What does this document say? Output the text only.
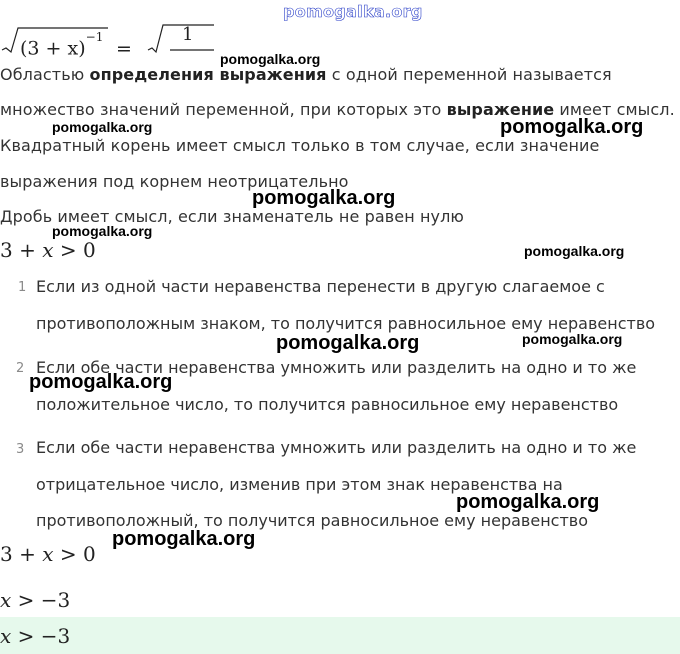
pomogalka.org
$(3 + x)^{-1}$
=
1
pomogalka.org
Областью определения выражения с одной переменной называется
множество значений переменной, при которых это выражение имеет смысл.
pomogalka.org	pomogalka.org
Квадратный корень имеет смысл только в том случае, если значение
выражения под корнем неотрицательно
pomogalka.org
Дробь имеет смысл, если знаменатель не равен нулю
pomogalka.org
3 + x > 0	pomogalka.org
1 Если из одной части неравенства перенести в другую слагаемое с
противоположным знаком, то получится равносильное ему неравенство
pomogalka.org	pomogalka.org
2 Если обе части неравенства умножить или разделить на одно и то же
pomogalka.org
положительное число, то получится равносильное ему неравенство
3 Если обе части неравенства умножить или разделить на одно и то же
отрицательное число, изменив при этом знак неравенства на
pomogalka.org
противоположный, то получится равносильное ему неравенство
pomogalka.org
3 + x > 0
x > −3
x > −3
